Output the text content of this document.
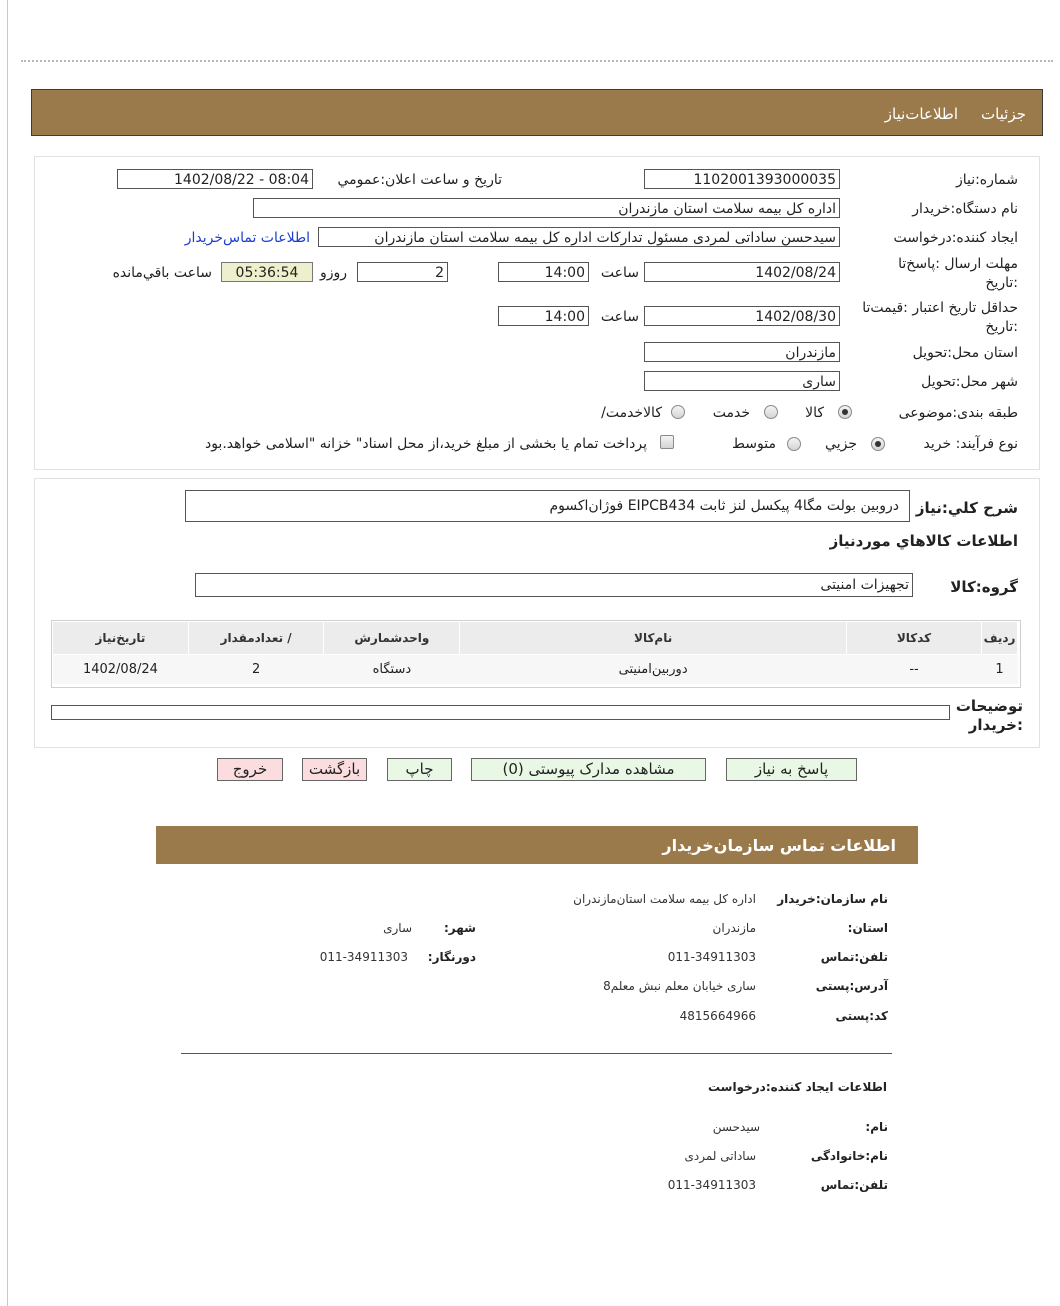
جزئيات
اطلاعات‌نياز
شماره:نياز
1102001393000035
تاريخ و ساعت اعلان:عمومي
1402/08/22 - 08:04
نام دستگاه:خريدار
اداره کل بیمه سلامت استان مازندران
ايجاد کننده:درخواست
سیدحسن ساداتی لمردی مسئول تداركات اداره كل بیمه سلامت استان مازندران
اطلاعات تماس‌خريدار
مهلت ارسال :پاسخ‌تا
:تاريخ
1402/08/24
ساعت
14:00
2
روزو
05:36:54
ساعت باقي‌مانده
حداقل تاريخ اعتبار :قيمت‌تا
:تاريخ
1402/08/30
ساعت
14:00
استان محل:تحويل
مازندران
شهر محل:تحويل
ساری
طبقه بندی:موضوعی
کالا
خدمت
کالاخدمت/
نوع فرآيند: خريد
جزيي
متوسط
پرداخت تمام يا بخشی از مبلغ خريد،از محل اسناد" خزانه "اسلامی خواهد.بود
شرح كلي:نياز
دروبین بولت مگا4 پیکسل لنز ثابت EIPCB434 فوژان‌اکسوم
اطلاعات كالاهاي موردنياز
گروه:كالا
تجهیزات امنیتی
رديف	كدكالا	نام‌كالا	واحدشمارش	/ تعدادمقدار	تاريخ‌نياز
1	--	دوربین‌امنیتی	دستگاه	2	1402/08/24
توضيحات
:خريدار
پاسخ به نياز
مشاهده مدارک پيوستی (0)
چاپ
بازگشت
خروج
اطلاعات تماس سازمان‌خريدار
نام سازمان:خريدار
اداره کل بیمه سلامت استان‌مازندران
استان:
مازندران
شهر:
ساری
تلفن:تماس
011-34911303
دورنگار:
011-34911303
آدرس:پستی
ساری خیابان معلم نبش معلم8
کد:پستی
4815664966
اطلاعات ايجاد کننده:درخواست
نام:
سیدحسن
نام:خانوادگی
ساداتی لمردی
تلفن:تماس
011-34911303
